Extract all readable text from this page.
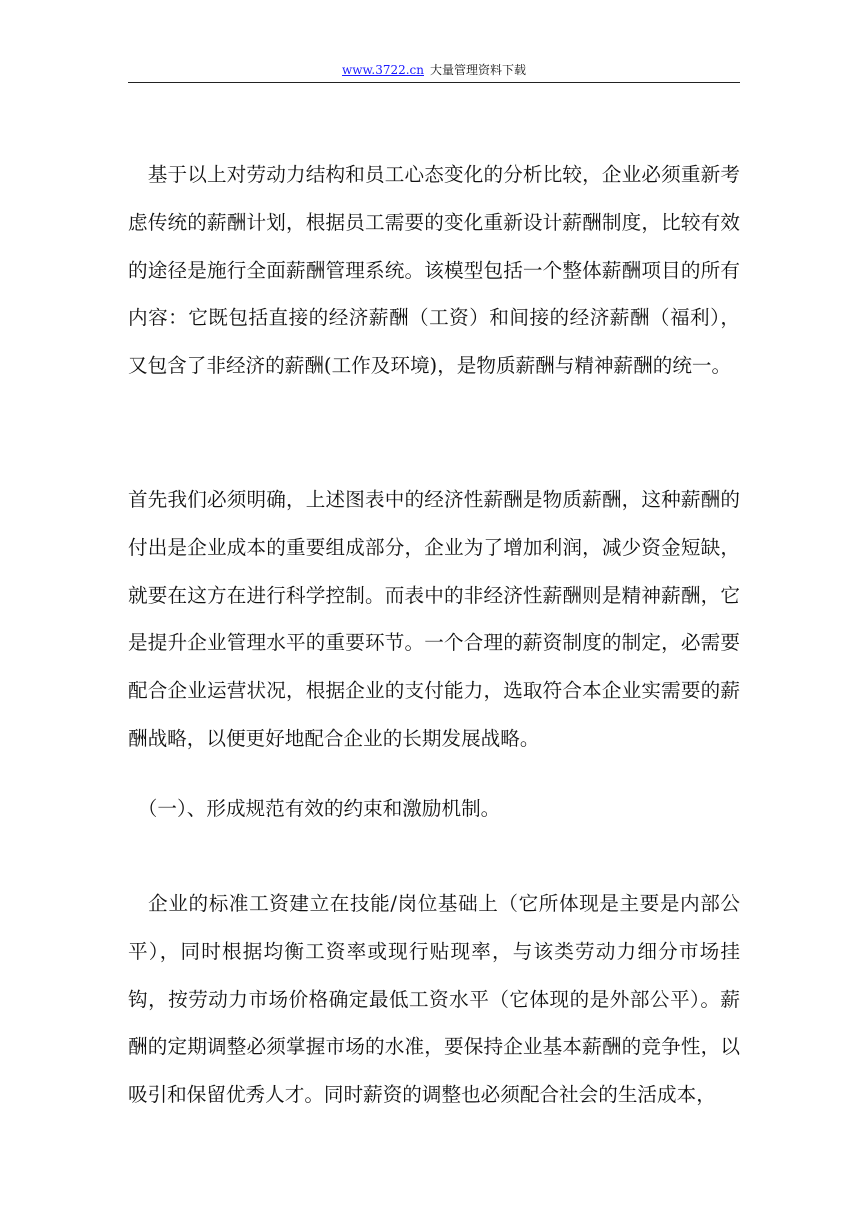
www.3722.cn 大量管理资料下载

　基于以上对劳动力结构和员工心态变化的分析比较，企业必须重新考虑传统的薪酬计划，根据员工需要的变化重新设计薪酬制度，比较有效的途径是施行全面薪酬管理系统。该模型包括一个整体薪酬项目的所有内容：它既包括直接的经济薪酬（工资）和间接的经济薪酬（福利），又包含了非经济的薪酬(工作及环境)，是物质薪酬与精神薪酬的统一。

首先我们必须明确，上述图表中的经济性薪酬是物质薪酬，这种薪酬的付出是企业成本的重要组成部分，企业为了增加利润，减少资金短缺，就要在这方在进行科学控制。而表中的非经济性薪酬则是精神薪酬，它是提升企业管理水平的重要环节。一个合理的薪资制度的制定，必需要配合企业运营状况，根据企业的支付能力，选取符合本企业实需要的薪酬战略，以便更好地配合企业的长期发展战略。

　（一）、形成规范有效的约束和激励机制。

　企业的标准工资建立在技能/岗位基础上（它所体现是主要是内部公平），同时根据均衡工资率或现行贴现率，与该类劳动力细分市场挂钩，按劳动力市场价格确定最低工资水平（它体现的是外部公平）。薪酬的定期调整必须掌握市场的水准，要保持企业基本薪酬的竞争性，以吸引和保留优秀人才。同时薪资的调整也必须配合社会的生活成本，
